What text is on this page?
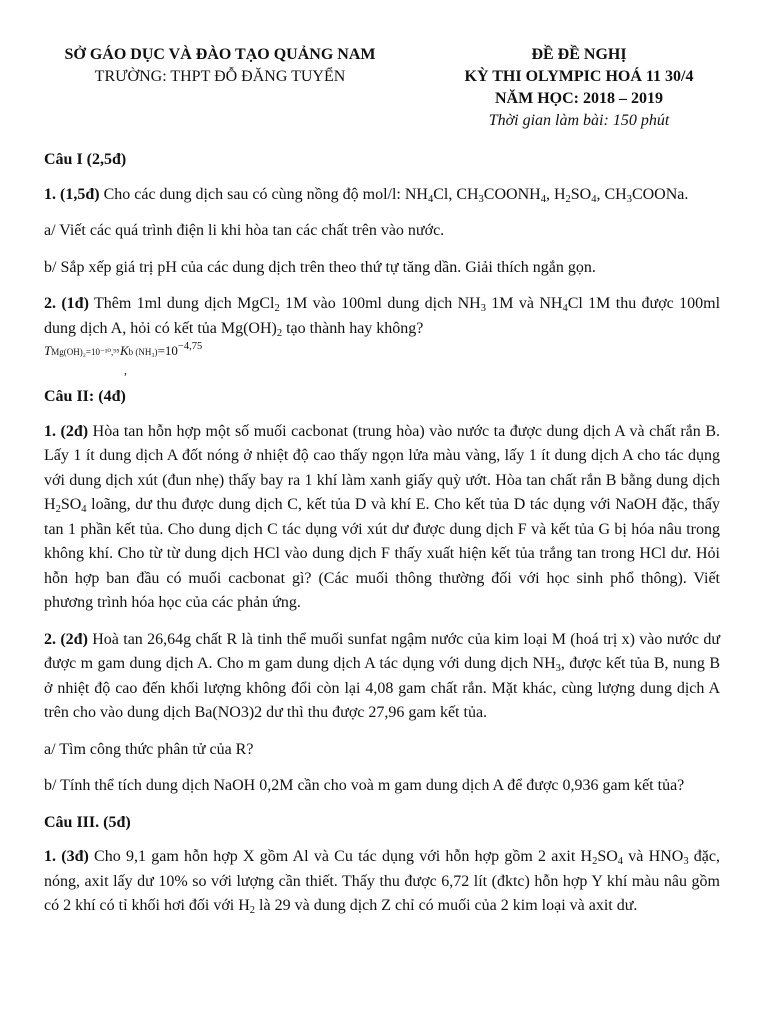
SỞ GÁO DỤC VÀ ĐÀO TẠO QUẢNG NAM
TRƯỜNG: THPT ĐỖ ĐĂNG TUYỂN
ĐỀ ĐỀ NGHỊ
KỲ THI OLYMPIC HOÁ 11 30/4
NĂM HỌC: 2018 – 2019
Thời gian làm bài: 150 phút

Câu I (2,5đ)

1. (1,5đ) Cho các dung dịch sau có cùng nồng độ mol/l: $NH_4Cl$, $CH_3COONH_4$, $H_2SO_4$, $CH_3COONa$.

a/ Viết các quá trình điện li khi hòa tan các chất trên vào nước.

b/ Sắp xếp giá trị pH của các dung dịch trên theo thứ tự tăng dần. Giải thích ngắn gọn.

2. (1đ) Thêm 1ml dung dịch MgCl$_2$ 1M vào 100ml dung dịch $NH_3$ 1M và $NH_4Cl$ 1M thu được 100ml dung dịch A, hỏi có kết tủa $Mg(OH)_2$ tạo thành hay không?

TMg(OH)₂=10⁻¹⁰,⁹⁵ Kb $(NH_3)=10^{-4,75}$
,

Câu II: (4đ)

1. (2đ) Hòa tan hỗn hợp một số muối cacbonat (trung hòa) vào nước ta được dung dịch A và chất rắn B. Lấy 1 ít dung dịch A đốt nóng ở nhiệt độ cao thấy ngọn lửa màu vàng, lấy 1 ít dung dịch A cho tác dụng với dung dịch xút (đun nhẹ) thấy bay ra 1 khí làm xanh giấy quỳ ướt. Hòa tan chất rắn B bằng dung dịch $H_2SO_4$ loãng, dư thu được dung dịch C, kết tủa D và khí E. Cho kết tủa D tác dụng với NaOH đặc, thấy tan 1 phần kết tủa. Cho dung dịch C tác dụng với xút dư được dung dịch F và kết tủa G bị hóa nâu trong không khí. Cho từ từ dung dịch HCl vào dung dịch F thấy xuất hiện kết tủa trắng tan trong HCl dư. Hỏi hỗn hợp ban đầu có muối cacbonat gì? (Các muối thông thường đối với học sinh phổ thông). Viết phương trình hóa học của các phản ứng.

2. (2đ) Hoà tan 26,64g chất R là tinh thể muối sunfat ngậm nước của kim loại M (hoá trị x) vào nước dư được m gam dung dịch A. Cho m gam dung dịch A tác dụng với dung dịch $NH_3$, được kết tủa B, nung B ở nhiệt độ cao đến khối lượng không đổi còn lại 4,08 gam chất rắn. Mặt khác, cùng lượng dung dịch A trên cho vào dung dịch Ba(NO3)2 dư thì thu được 27,96 gam kết tủa.

a/ Tìm công thức phân tử của R?

b/ Tính thể tích dung dịch NaOH 0,2M cần cho voà m gam dung dịch A để được 0,936 gam kết tủa?

Câu III. (5đ)

1. (3đ) Cho 9,1 gam hỗn hợp X gồm Al và Cu tác dụng với hỗn hợp gồm 2 axit $H_2SO_4$ và $HNO_3$ đặc, nóng, axit lấy dư 10% so với lượng cần thiết. Thấy thu được 6,72 lít (đktc) hỗn hợp Y khí màu nâu gồm có 2 khí có tỉ khối hơi đối với $H_2$ là 29 và dung dịch Z chỉ có muối của 2 kim loại và axit dư.
